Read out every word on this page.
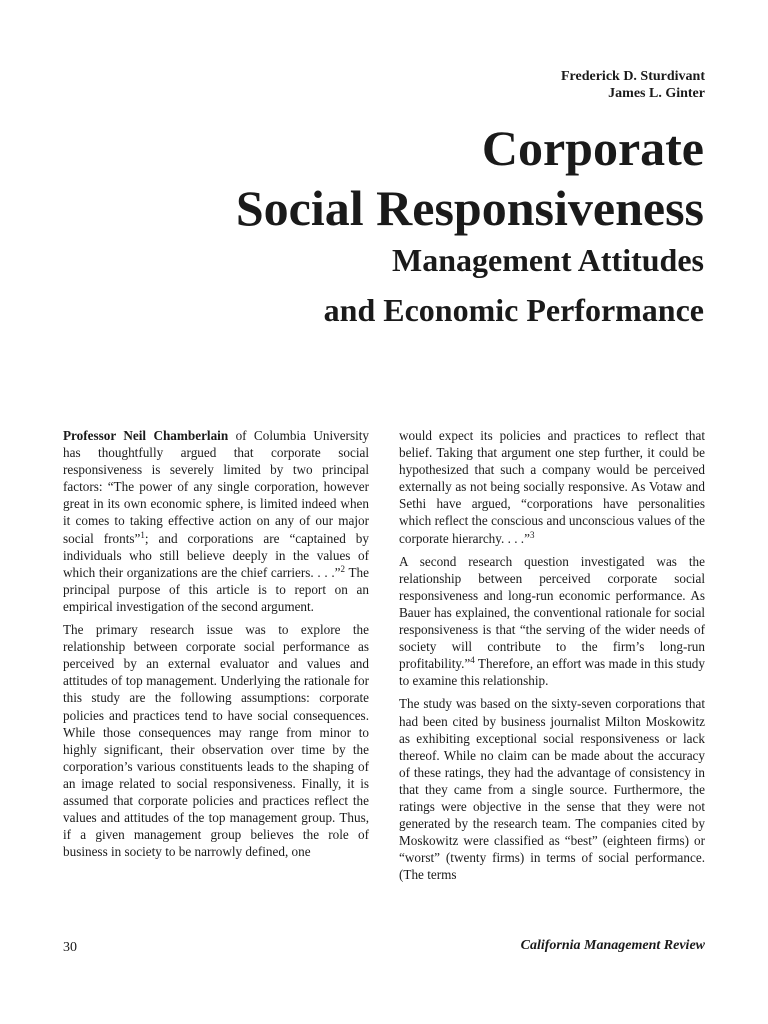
Frederick D. Sturdivant
James L. Ginter
Corporate
Social Responsiveness
Management Attitudes
and Economic Performance

Professor Neil Chamberlain of Columbia University has thoughtfully argued that corporate social responsiveness is severely limited by two principal factors: “The power of any single corporation, however great in its own economic sphere, is limited indeed when it comes to taking effective action on any of our major social fronts”$^1$; and corporations are “captained by individuals who still believe deeply in the values of which their organizations are the chief carriers. . . .”$^2$ The principal purpose of this article is to report on an empirical investigation of the second argument.

The primary research issue was to explore the relationship between corporate social performance as perceived by an external evaluator and values and attitudes of top management. Underlying the rationale for this study are the following assumptions: corporate policies and practices tend to have social consequences. While those consequences may range from minor to highly significant, their observation over time by the corporation’s various constituents leads to the shaping of an image related to social responsiveness. Finally, it is assumed that corporate policies and practices reflect the values and attitudes of the top management group. Thus, if a given management group believes the role of business in society to be narrowly defined, one

would expect its policies and practices to reflect that belief. Taking that argument one step further, it could be hypothesized that such a company would be perceived externally as not being socially responsive. As Votaw and Sethi have argued, “corporations have personalities which reflect the conscious and unconscious values of the corporate hierarchy. . . .”$^3$

A second research question investigated was the relationship between perceived corporate social responsiveness and long-run economic performance. As Bauer has explained, the conventional rationale for social responsiveness is that “the serving of the wider needs of society will contribute to the firm’s long-run profitability.”$^4$ Therefore, an effort was made in this study to examine this relationship.

The study was based on the sixty-seven corporations that had been cited by business journalist Milton Moskowitz as exhibiting exceptional social responsiveness or lack thereof. While no claim can be made about the accuracy of these ratings, they had the advantage of consistency in that they came from a single source. Furthermore, the ratings were objective in the sense that they were not generated by the research team. The companies cited by Moskowitz were classified as “best” (eighteen firms) or “worst” (twenty firms) in terms of social performance. (The terms

30	California Management Review
